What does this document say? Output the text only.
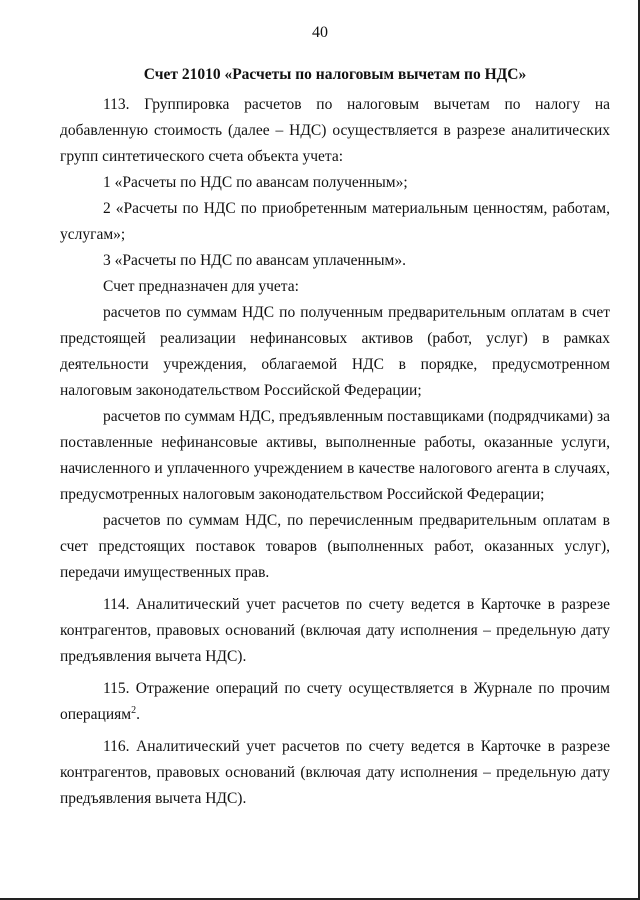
40
Счет 21010 «Расчеты по налоговым вычетам по НДС»

113. Группировка расчетов по налоговым вычетам по налогу на добавленную стоимость (далее – НДС) осуществляется в разрезе аналитических групп синтетического счета объекта учета:

1 «Расчеты по НДС по авансам полученным»;

2 «Расчеты по НДС по приобретенным материальным ценностям, работам, услугам»;

3 «Расчеты по НДС по авансам уплаченным».

Счет предназначен для учета:

расчетов по суммам НДС по полученным предварительным оплатам в счет предстоящей реализации нефинансовых активов (работ, услуг) в рамках деятельности учреждения, облагаемой НДС в порядке, предусмотренном налоговым законодательством Российской Федерации;

расчетов по суммам НДС, предъявленным поставщиками (подрядчиками) за поставленные нефинансовые активы, выполненные работы, оказанные услуги, начисленного и уплаченного учреждением в качестве налогового агента в случаях, предусмотренных налоговым законодательством Российской Федерации;

расчетов по суммам НДС, по перечисленным предварительным оплатам в счет предстоящих поставок товаров (выполненных работ, оказанных услуг), передачи имущественных прав.

114. Аналитический учет расчетов по счету ведется в Карточке в разрезе контрагентов, правовых оснований (включая дату исполнения – предельную дату предъявления вычета НДС).

115. Отражение операций по счету осуществляется в Журнале по прочим операциям$^2$.

116. Аналитический учет расчетов по счету ведется в Карточке в разрезе контрагентов, правовых оснований (включая дату исполнения – предельную дату предъявления вычета НДС).
